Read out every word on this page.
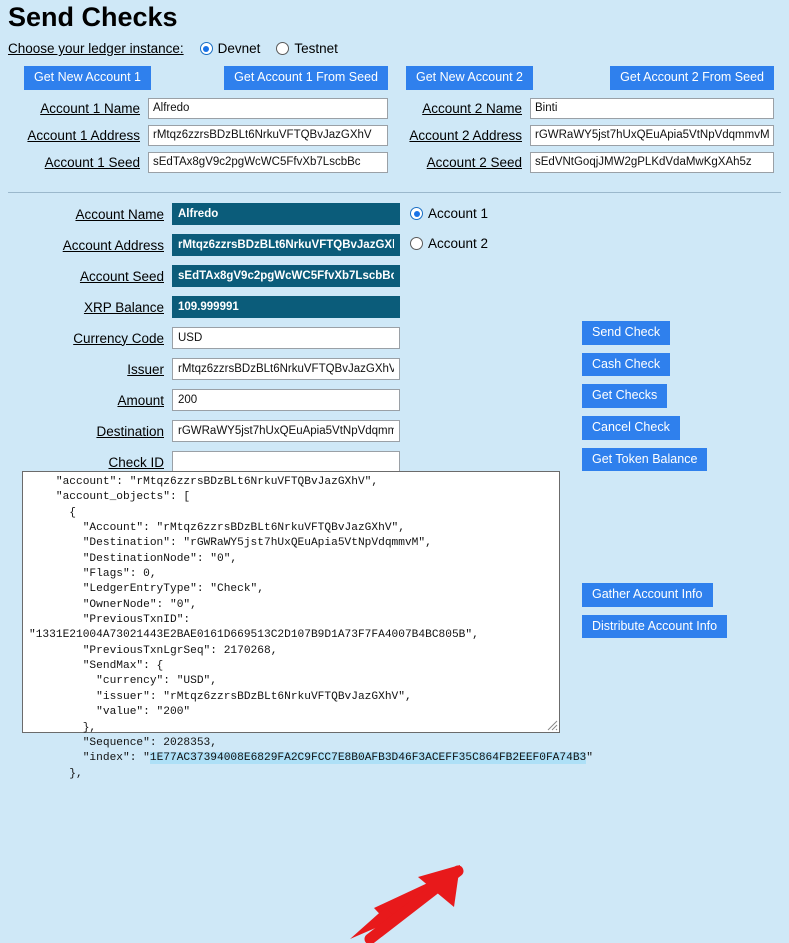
Send Checks
Choose your ledger instance:	Devnet	Testnet
Get New Account 1	Get Account 1 From Seed
Account 1 Name
Alfredo
Account 1 Address
rMtqz6zzrsBDzBLt6NrkuVFTQBvJazGXhV
Account 1 Seed
sEdTAx8gV9c2pgWcWC5FfvXb7LscbBc
Get New Account 2	Get Account 2 From Seed
Account 2 Name
Binti
Account 2 Address
rGWRaWY5jst7hUxQEuApia5VtNpVdqmmvM
Account 2 Seed
sEdVNtGoqjJMW2gPLKdVdaMwKgXAh5z
Account Name
Alfredo
Account Address
rMtqz6zzrsBDzBLt6NrkuVFTQBvJazGXhV
Account Seed
sEdTAx8gV9c2pgWcWC5FfvXb7LscbBc
XRP Balance
109.999991
Currency Code
USD
Issuer
rMtqz6zzrsBDzBLt6NrkuVFTQBvJazGXhV
Amount
200
Destination
rGWRaWY5jst7hUxQEuApia5VtNpVdqmmvM
Check ID
Account 1

Account 2
Send Check
Cash Check
Get Checks
Cancel Check
Get Token Balance
Gather Account Info
Distribute Account Info
"account": "rMtqz6zzrsBDzBLt6NrkuVFTQBvJazGXhV",
"account_objects": [
{
"Account": "rMtqz6zzrsBDzBLt6NrkuVFTQBvJazGXhV",
"Destination": "rGWRaWY5jst7hUxQEuApia5VtNpVdqmmvM",
"DestinationNode": "0",
"Flags": 0,
"LedgerEntryType": "Check",
"OwnerNode": "0",
"PreviousTxnID":
"1331E21004A73021443E2BAE0161D669513C2D107B9D1A73F7FA4007B4BC805B",
"PreviousTxnLgrSeq": 2170268,
"SendMax": {
"currency": "USD",
"issuer": "rMtqz6zzrsBDzBLt6NrkuVFTQBvJazGXhV",
"value": "200"
},
"Sequence": 2028353,
"index": "1E77AC37394008E6829FA2C9FCC7E8B0AFB3D46F3ACEFF35C864FB2EEF0FA74B3"
},
